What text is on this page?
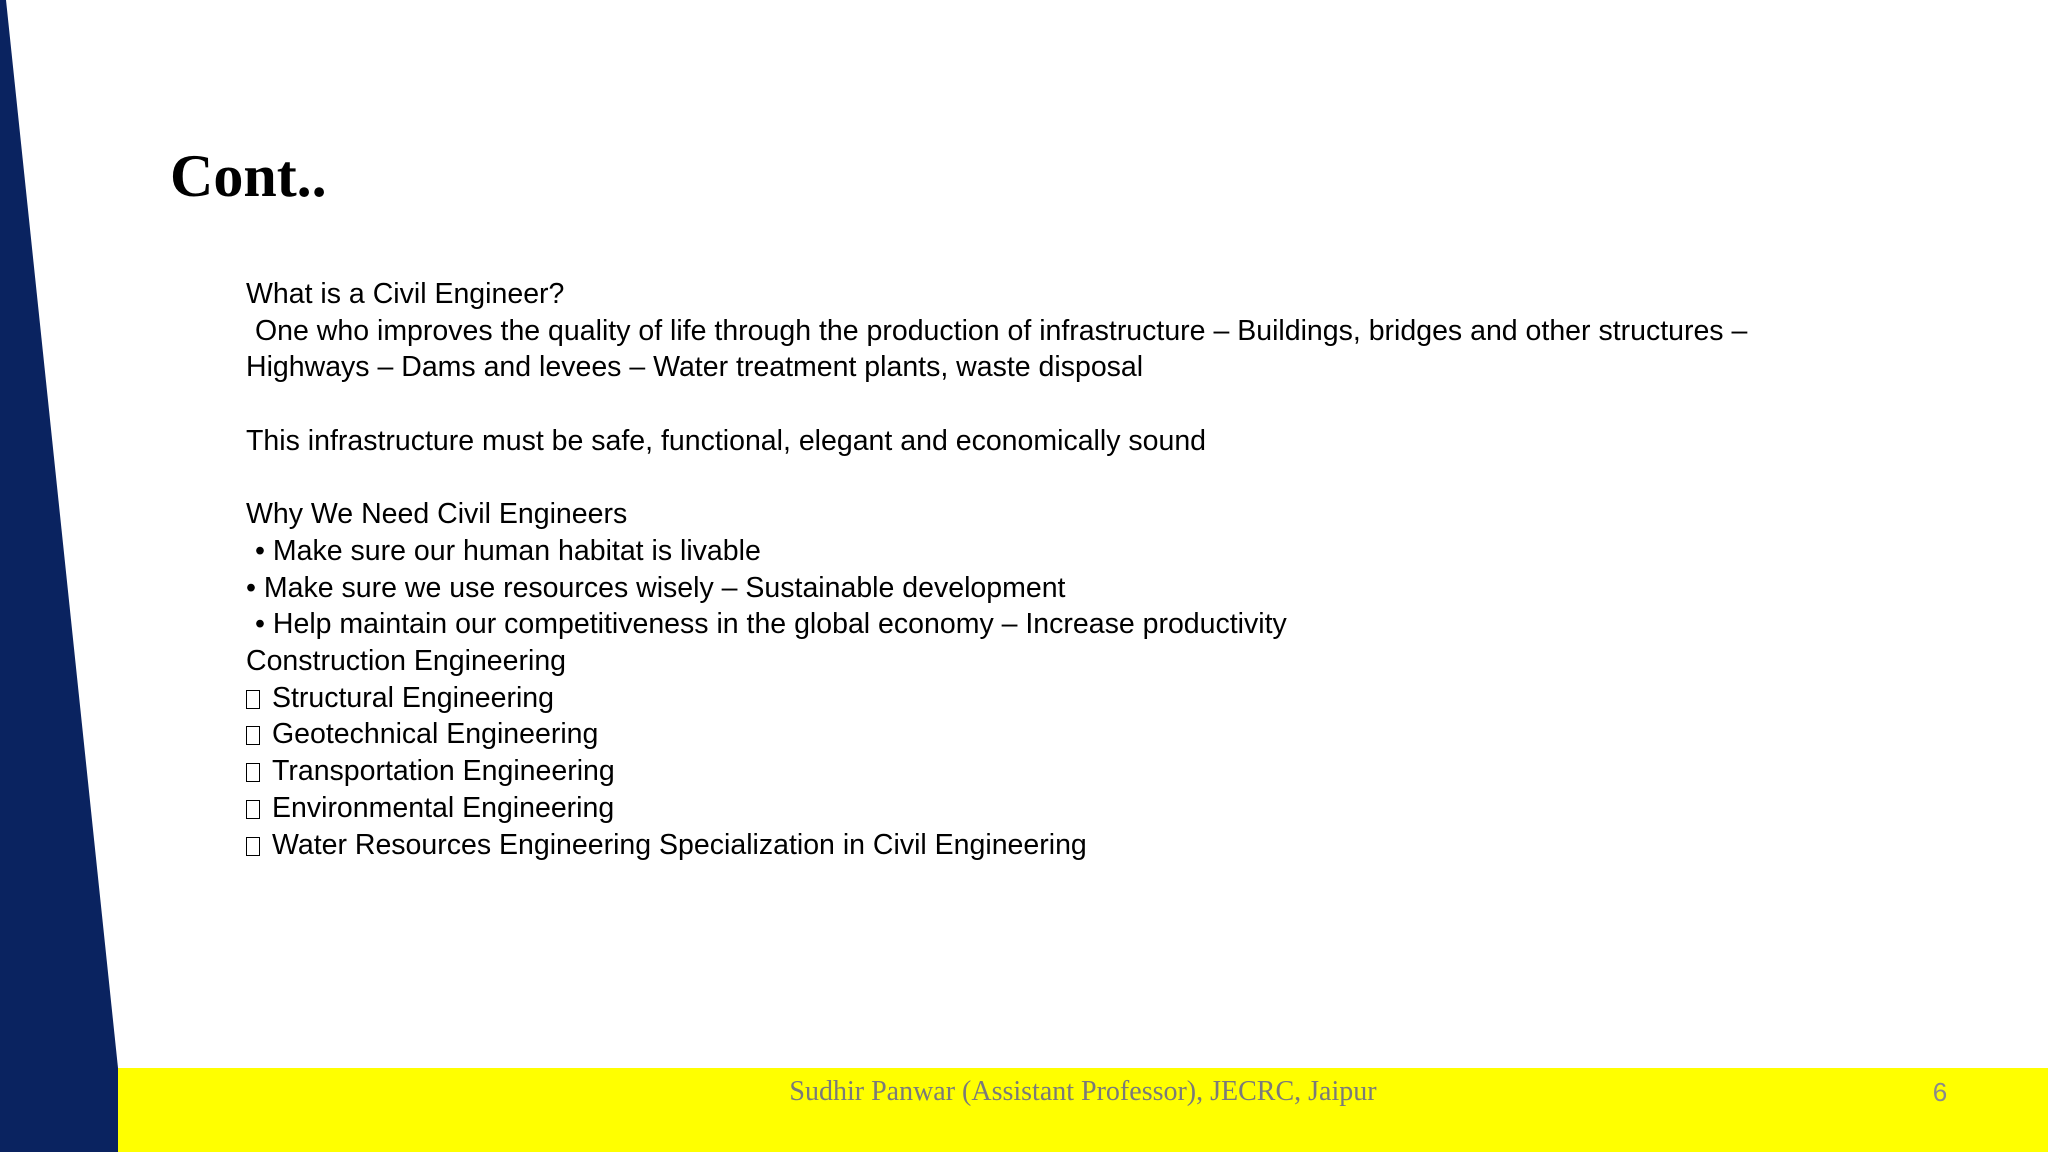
Cont..
What is a Civil Engineer?
One who improves the quality of life through the production of infrastructure – Buildings, bridges and other structures –
Highways – Dams and levees – Water treatment plants, waste disposal
This infrastructure must be safe, functional, elegant and economically sound
Why We Need Civil Engineers
• Make sure our human habitat is livable
• Make sure we use resources wisely – Sustainable development
• Help maintain our competitiveness in the global economy – Increase productivity
Construction Engineering
Structural Engineering
Geotechnical Engineering
Transportation Engineering
Environmental Engineering
Water Resources Engineering Specialization in Civil Engineering
Sudhir Panwar (Assistant Professor), JECRC, Jaipur	6
